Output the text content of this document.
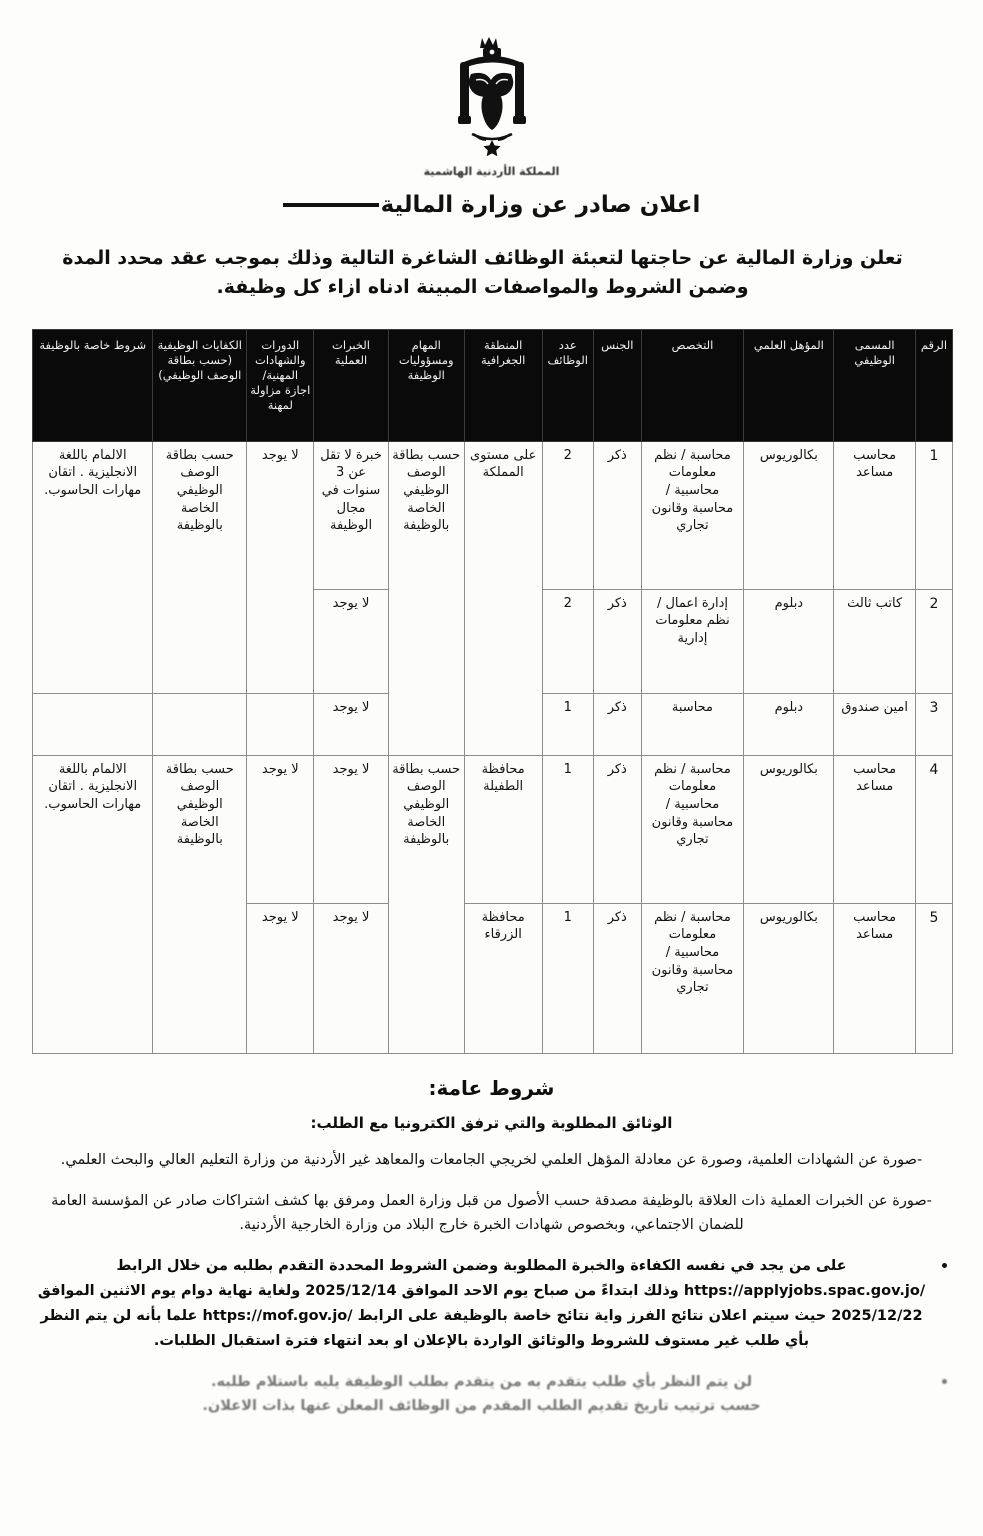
المملكة الأردنية الهاشمية
اعلان صادر عن وزارة المالية
تعلن وزارة المالية عن حاجتها لتعبئة الوظائف الشاغرة التالية وذلك بموجب عقد محدد المدة وضمن الشروط والمواصفات المبينة ادناه ازاء كل وظيفة.
الرقم	المسمى الوظيفي	المؤهل العلمي	التخصص	الجنس	عدد الوظائف	المنطقة الجغرافية	المهام ومسؤوليات الوظيفة	الخبرات العملية	الدورات والشهادات المهنية/اجازة مزاولة لمهنة	الكفايات الوظيفية (حسب بطاقة الوصف الوظيفي)	شروط خاصة بالوظيفة
1	محاسب مساعد	بكالوريوس	محاسبة / نظم معلومات محاسبية / محاسبة وقانون تجاري	ذكر	2	على مستوى المملكة	حسب بطاقة الوصف الوظيفي الخاصة بالوظيفة	خبرة لا تقل عن 3 سنوات في مجال الوظيفة	لا يوجد	حسب بطاقة الوصف الوظيفي الخاصة بالوظيفة	الالمام باللغة الانجليزية . اتقان مهارات الحاسوب.
2	كاتب ثالث	دبلوم	إدارة اعمال / نظم معلومات إدارية	ذكر	2			لا يوجد			
3	امين صندوق	دبلوم	محاسبة	ذكر	1			لا يوجد			
4	محاسب مساعد	بكالوريوس	محاسبة / نظم معلومات محاسبية / محاسبة وقانون تجاري	ذكر	1	محافظة الطفيلة	حسب بطاقة الوصف الوظيفي الخاصة بالوظيفة	لا يوجد	لا يوجد	حسب بطاقة الوصف الوظيفي الخاصة بالوظيفة	الالمام باللغة الانجليزية . اتقان مهارات الحاسوب.
5	محاسب مساعد	بكالوريوس	محاسبة / نظم معلومات محاسبية / محاسبة وقانون تجاري	ذكر	1	محافظة الزرقاء		لا يوجد	لا يوجد		
شروط عامة:
الوثائق المطلوبة والتي ترفق الكترونيا مع الطلب:
-صورة عن الشهادات العلمية، وصورة عن معادلة المؤهل العلمي لخريجي الجامعات والمعاهد غير الأردنية من وزارة التعليم العالي والبحث العلمي.
-صورة عن الخبرات العملية ذات العلاقة بالوظيفة مصدقة حسب الأصول من قبل وزارة العمل ومرفق بها كشف اشتراكات صادر عن المؤسسة العامة للضمان الاجتماعي، وبخصوص شهادات الخبرة خارج البلاد من وزارة الخارجية الأردنية.
على من يجد في نفسه الكفاءة والخبرة المطلوبة وضمن الشروط المحددة التقدم بطلبه من خلال الرابط https://applyjobs.spac.gov.jo/ وذلك ابتداءً من صباح يوم الاحد الموافق 2025/12/14 ولغاية نهاية دوام يوم الاثنين الموافق 2025/12/22 حيث سيتم اعلان نتائج الفرز واية نتائج خاصة بالوظيفة على الرابط https://mof.gov.jo/ علما بأنه لن يتم النظر بأي طلب غير مستوف للشروط والوثائق الواردة بالإعلان او بعد انتهاء فترة استقبال الطلبات.
لن يتم النظر بأي طلب يتقدم به من يتقدم بطلب الوظيفة يليه باستلام طلبه.
حسب ترتيب تاريخ تقديم الطلب المقدم من الوظائف المعلن عنها بذات الاعلان.
